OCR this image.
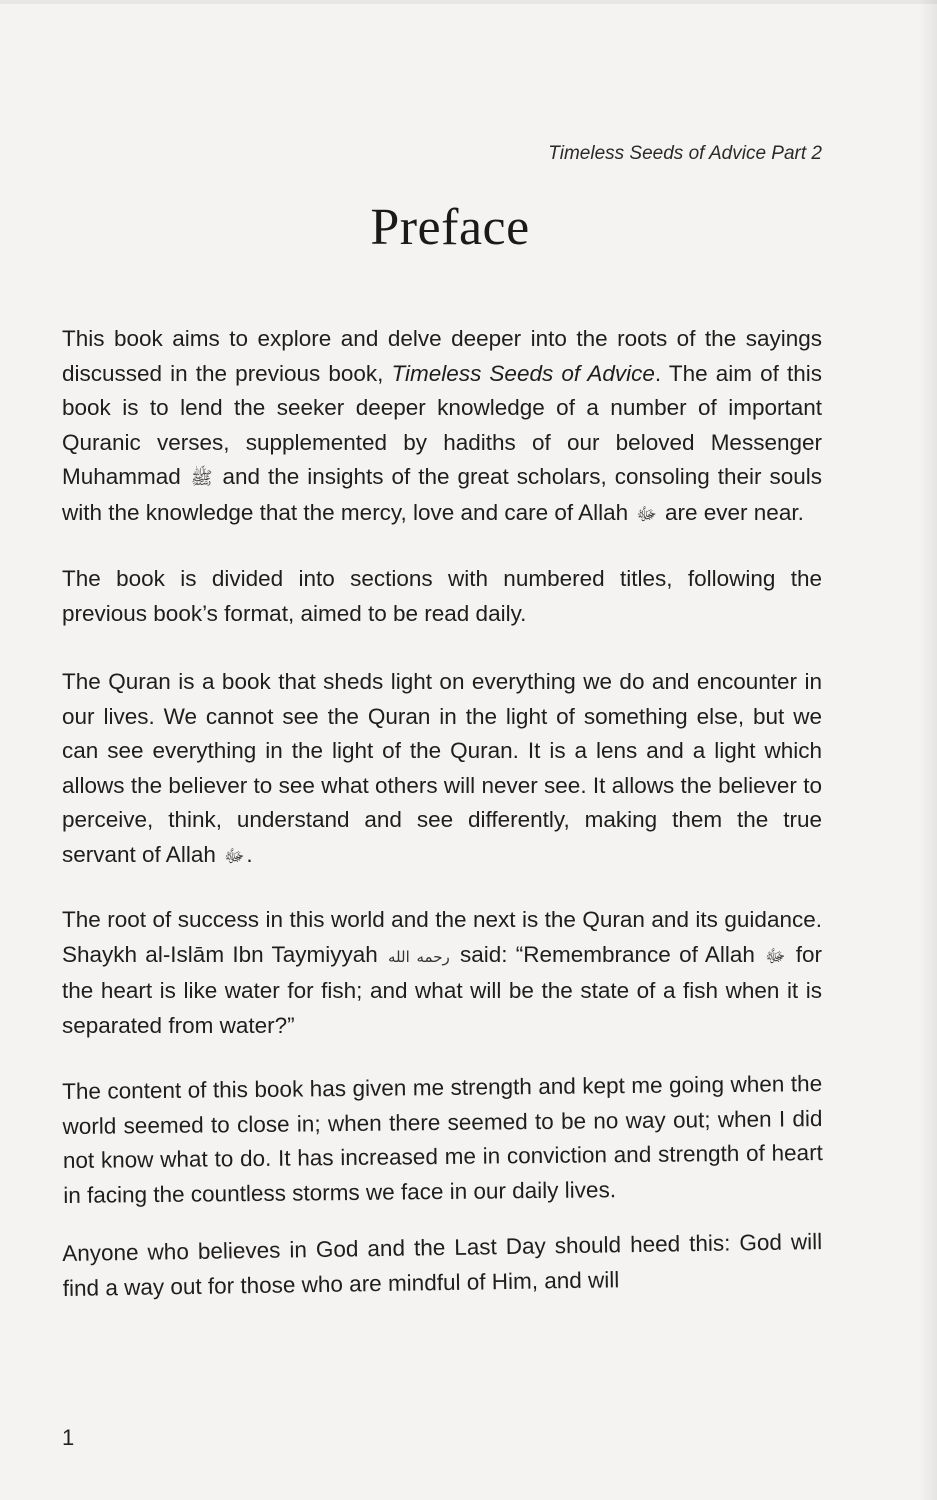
Timeless Seeds of Advice Part 2
Preface

This book aims to explore and delve deeper into the roots of the sayings discussed in the previous book, Timeless Seeds of Advice. The aim of this book is to lend the seeker deeper knowledge of a number of important Quranic verses, supplemented by hadiths of our beloved Messenger Muhammad ﷺ and the insights of the great scholars, consoling their souls with the knowledge that the mercy, love and care of Allah ﷻ are ever near.

The book is divided into sections with numbered titles, following the previous book’s format, aimed to be read daily.

The Quran is a book that sheds light on everything we do and encounter in our lives. We cannot see the Quran in the light of something else, but we can see everything in the light of the Quran. It is a lens and a light which allows the believer to see what others will never see. It allows the believer to perceive, think, understand and see differently, making them the true servant of Allah ﷻ.

The root of success in this world and the next is the Quran and its guidance. Shaykh al-Islām Ibn Taymiyyah رحمه الله said: “Remembrance of Allah ﷻ for the heart is like water for fish; and what will be the state of a fish when it is separated from water?”

The content of this book has given me strength and kept me going when the world seemed to close in; when there seemed to be no way out; when I did not know what to do. It has increased me in conviction and strength of heart in facing the countless storms we face in our daily lives.

Anyone who believes in God and the Last Day should heed this: God will find a way out for those who are mindful of Him, and will

1
